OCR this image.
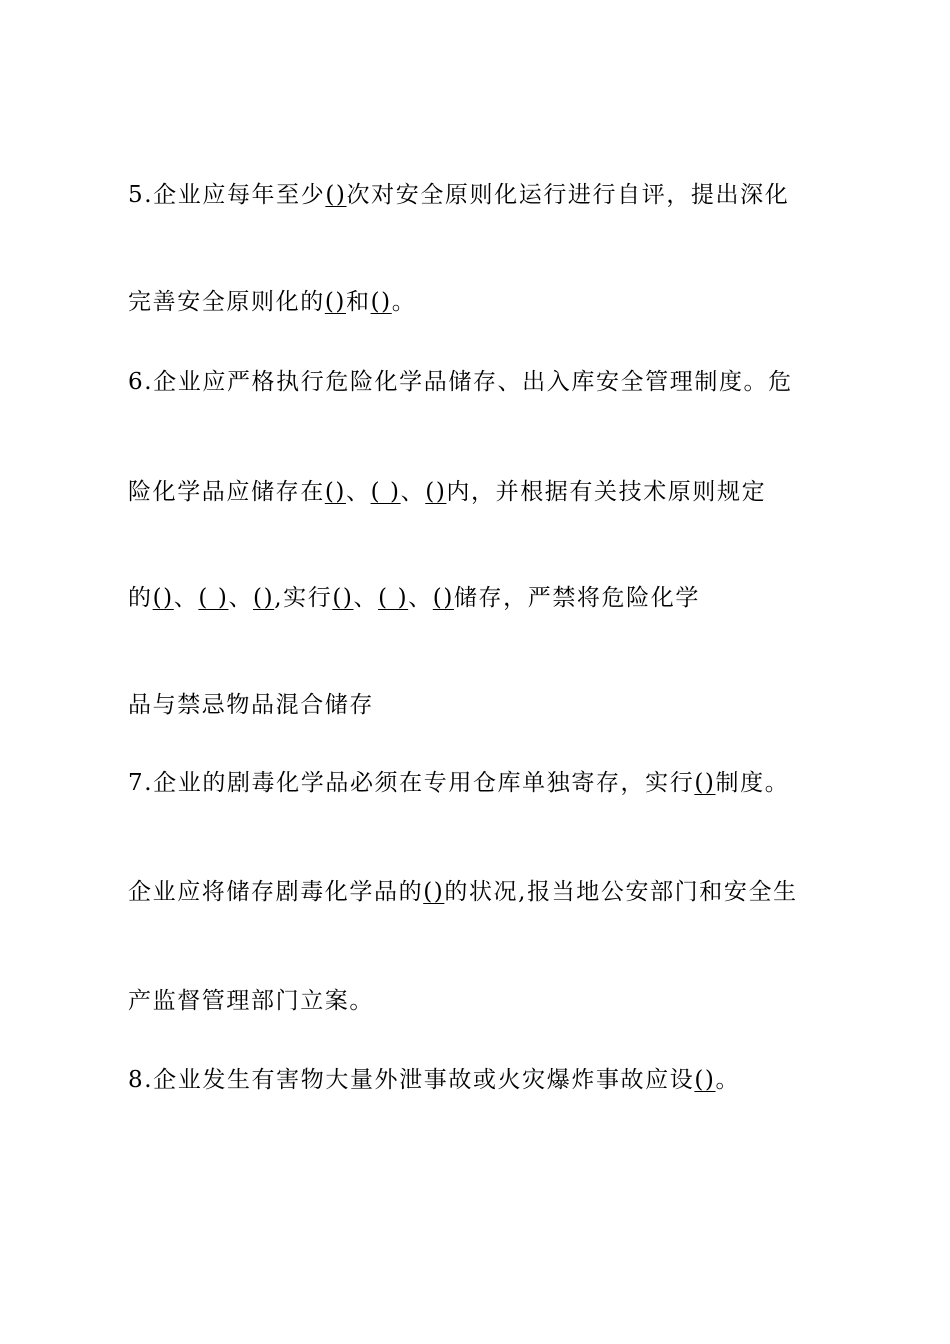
5.企业应每年至少()次对安全原则化运行进行自评，提出深化
完善安全原则化的()和()。
6.企业应严格执行危险化学品储存、出入库安全管理制度。危
险化学品应储存在()、( )、()内，并根据有关技术原则规定
的()、( )、(),实行()、( )、()储存，严禁将危险化学
品与禁忌物品混合储存
7.企业的剧毒化学品必须在专用仓库单独寄存，实行()制度。
企业应将储存剧毒化学品的()的状况,报当地公安部门和安全生
产监督管理部门立案。
8.企业发生有害物大量外泄事故或火灾爆炸事故应设()。
